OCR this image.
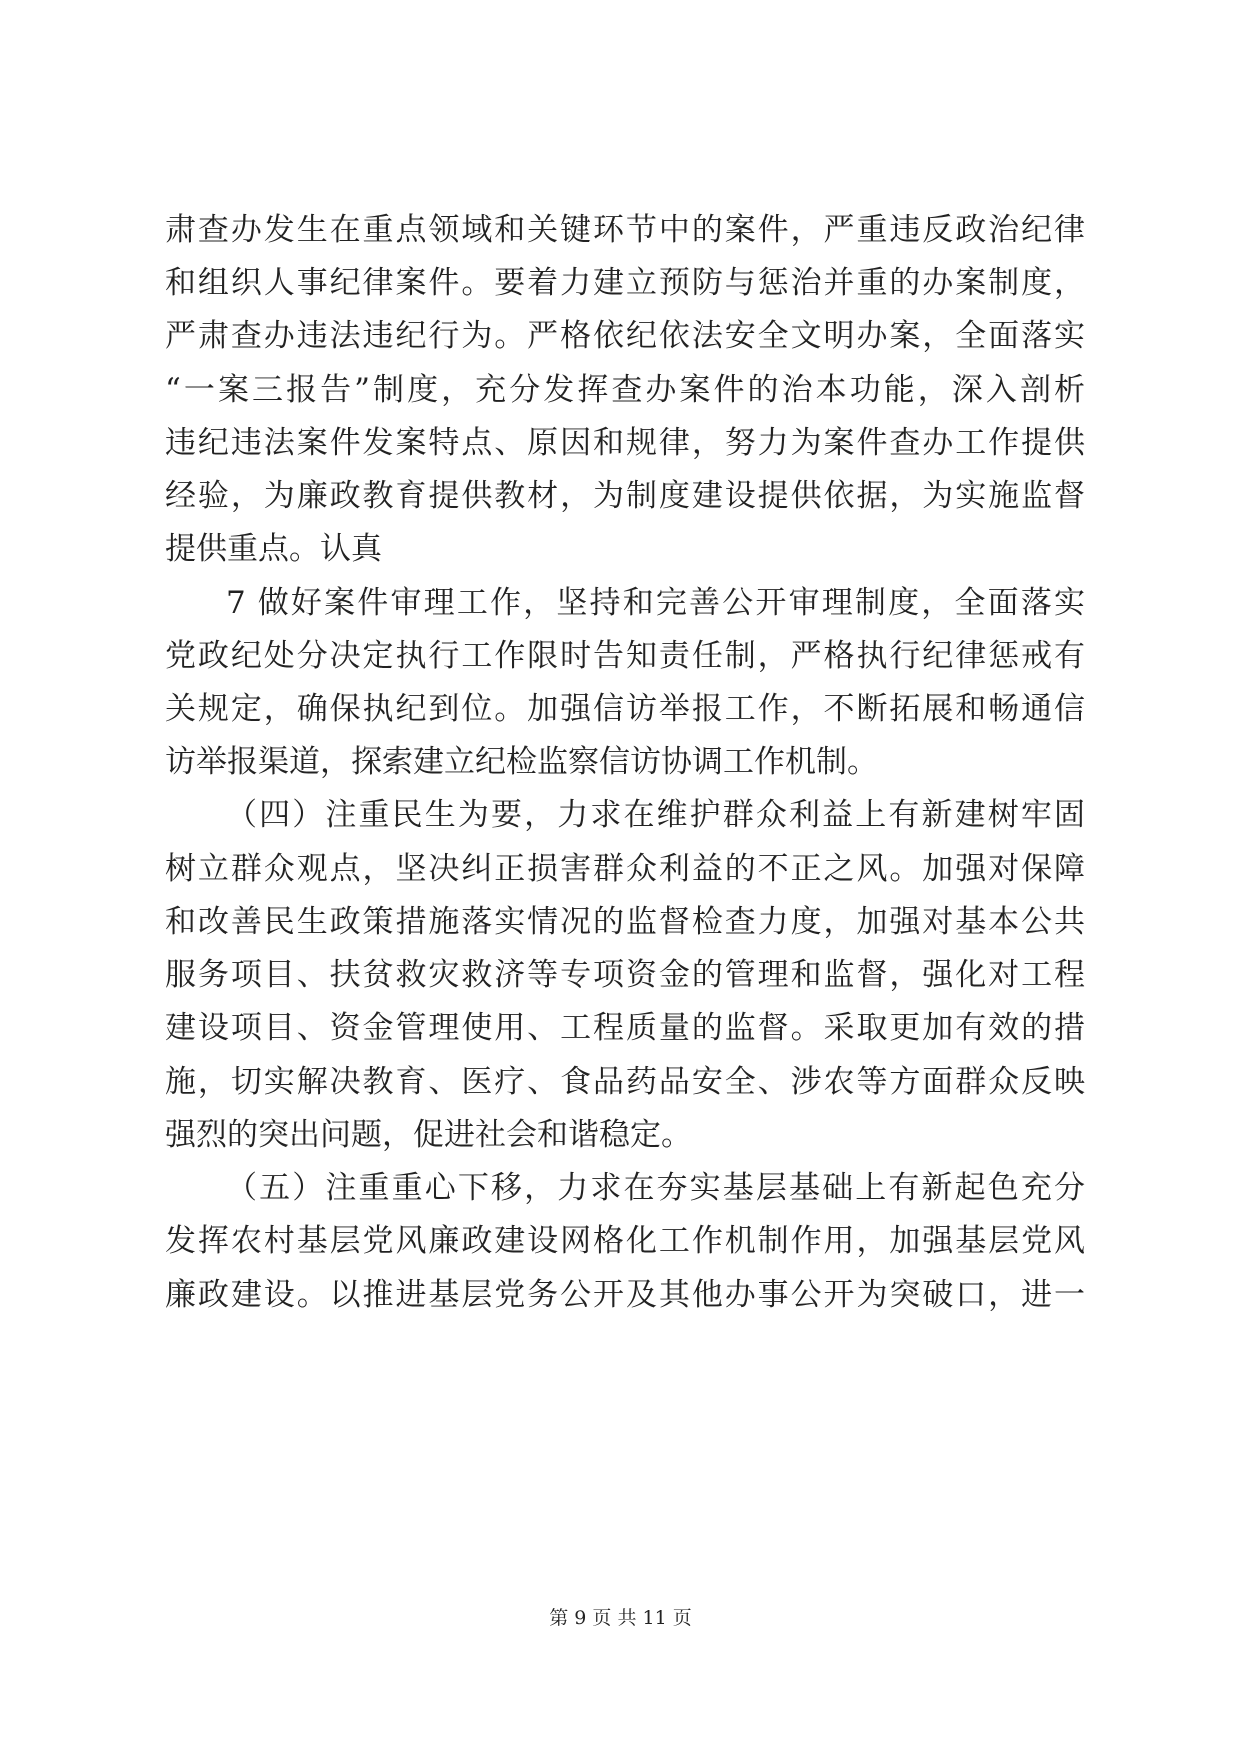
肃查办发生在重点领域和关键环节中的案件，严重违反政治纪律
和组织人事纪律案件。要着力建立预防与惩治并重的办案制度，
严肃查办违法违纪行为。严格依纪依法安全文明办案，全面落实
“一案三报告”制度，充分发挥查办案件的治本功能，深入剖析
违纪违法案件发案特点、原因和规律，努力为案件查办工作提供
经验，为廉政教育提供教材，为制度建设提供依据，为实施监督
提供重点。认真
7 做好案件审理工作，坚持和完善公开审理制度，全面落实
党政纪处分决定执行工作限时告知责任制，严格执行纪律惩戒有
关规定，确保执纪到位。加强信访举报工作，不断拓展和畅通信
访举报渠道，探索建立纪检监察信访协调工作机制。
（四）注重民生为要，力求在维护群众利益上有新建树牢固
树立群众观点，坚决纠正损害群众利益的不正之风。加强对保障
和改善民生政策措施落实情况的监督检查力度，加强对基本公共
服务项目、扶贫救灾救济等专项资金的管理和监督，强化对工程
建设项目、资金管理使用、工程质量的监督。采取更加有效的措
施，切实解决教育、医疗、食品药品安全、涉农等方面群众反映
强烈的突出问题，促进社会和谐稳定。
（五）注重重心下移，力求在夯实基层基础上有新起色充分
发挥农村基层党风廉政建设网格化工作机制作用，加强基层党风
廉政建设。以推进基层党务公开及其他办事公开为突破口，进一
第 9 页 共 11 页
